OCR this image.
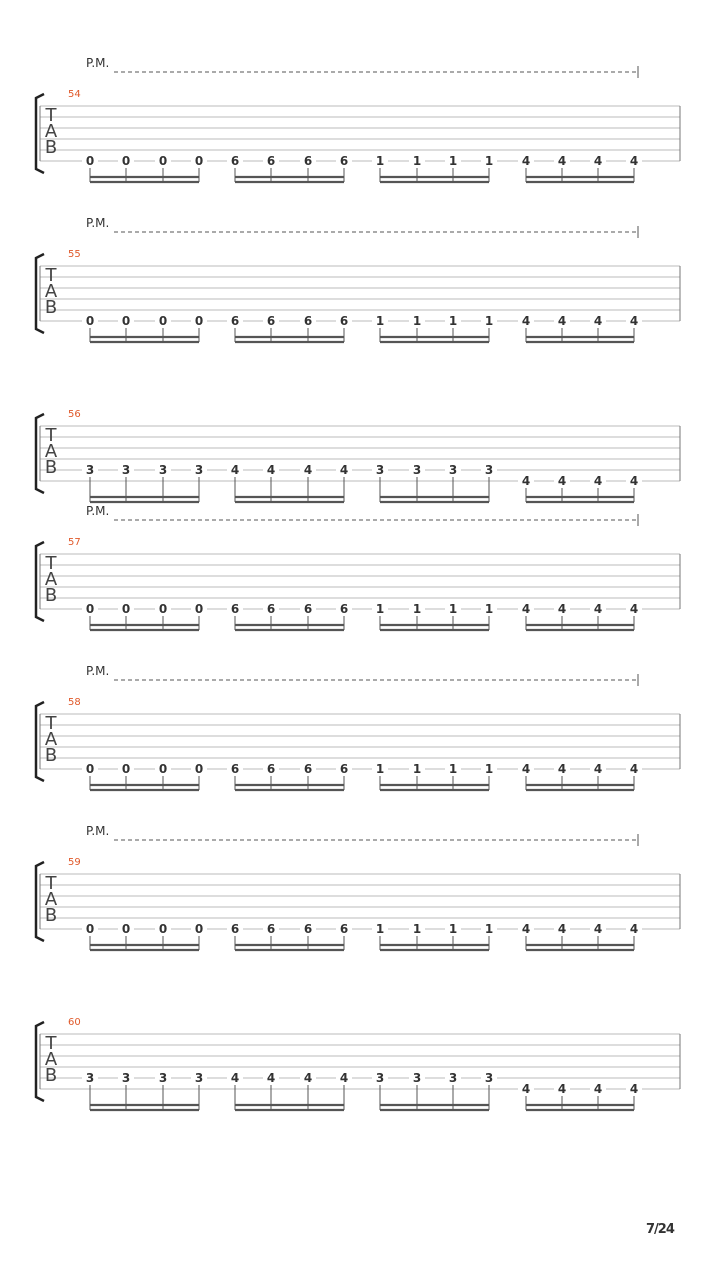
P.M.
54
T
A
B
0	0	0	0	6	6	6	6	1	1	1	1	4	4	4	4
P.M.
55
T
A
B
0	0	0	0	6	6	6	6	1	1	1	1	4	4	4	4
56
T
A
B	3	3	3	3	4	4	4	4	3	3	3	3
4	4	4	4
P.M.
57
T
A
B
0	0	0	0	6	6	6	6	1	1	1	1	4	4	4	4
P.M.
58
T
A
B
0	0	0	0	6	6	6	6	1	1	1	1	4	4	4	4
P.M.
59
T
A
B
0	0	0	0	6	6	6	6	1	1	1	1	4	4	4	4
60
T
A
B	3	3	3	3	4	4	4	4	3	3	3	3
4	4	4	4
7/24
